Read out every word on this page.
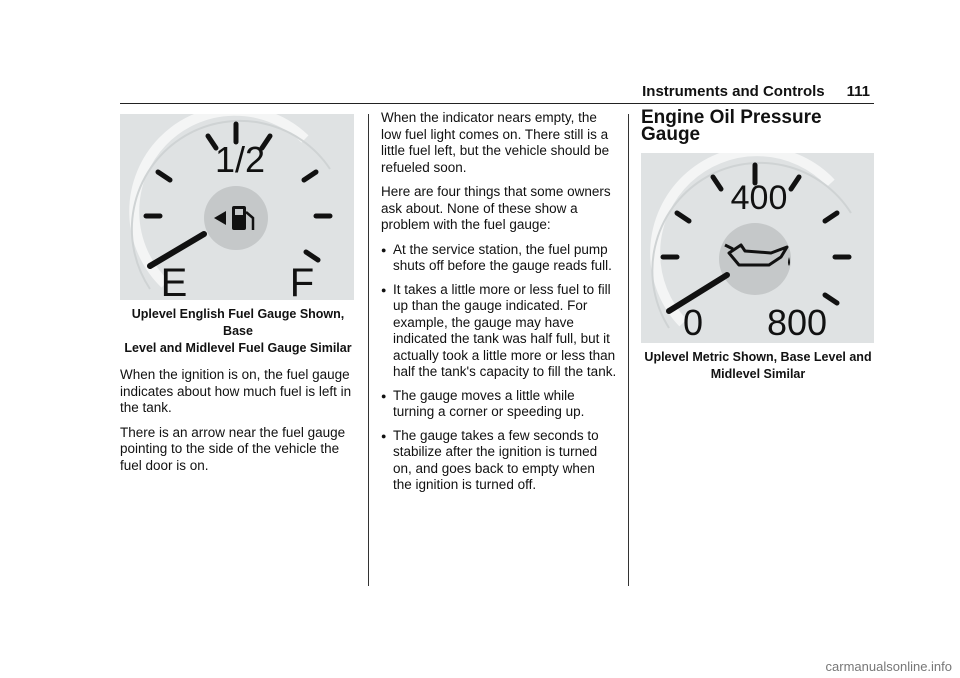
Instruments and Controls 111
1/2
E	F
Uplevel English Fuel Gauge Shown, Base
Level and Midlevel Fuel Gauge Similar

When the ignition is on, the fuel gauge indicates about how much fuel is left in the tank.

There is an arrow near the fuel gauge pointing to the side of the vehicle the fuel door is on.

When the indicator nears empty, the low fuel light comes on. There still is a little fuel left, but the vehicle should be refueled soon.

Here are four things that some owners ask about. None of these show a problem with the fuel gauge:

● At the service station, the fuel pump shuts off before the gauge reads full.
● It takes a little more or less fuel to fill up than the gauge indicated. For example, the gauge may have indicated the tank was half full, but it actually took a little more or less than half the tank's capacity to fill the tank.
● The gauge moves a little while turning a corner or speeding up.
● The gauge takes a few seconds to stabilize after the ignition is turned on, and goes back to empty when the ignition is turned off.
Engine Oil Pressure Gauge
400
0 800
Uplevel Metric Shown, Base Level and
Midlevel Similar
carmanualsonline.info
